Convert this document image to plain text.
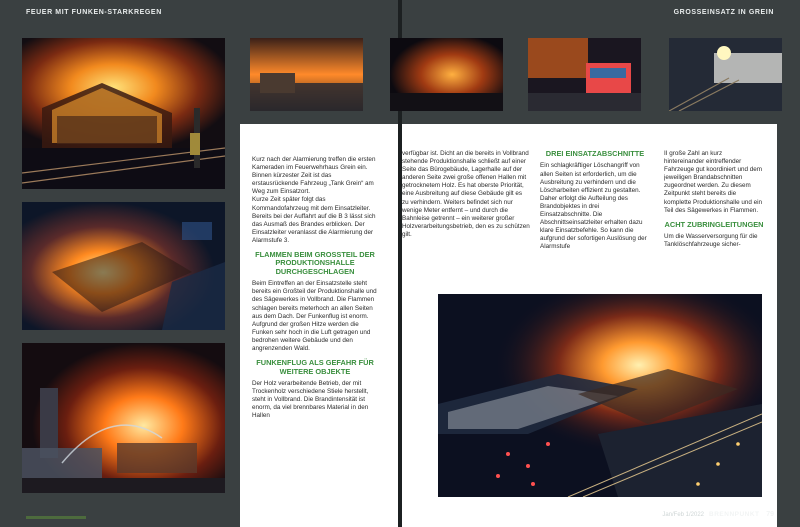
FEUER MIT FUNKEN-STARKREGEN

Kurz nach der Alarmierung treffen die ersten Kameraden im Feuerwehrhaus Grein ein. Binnen kürzester Zeit ist das erstausrückende Fahrzeug „Tank Grein“ am Weg zum Einsatzort.

Kurze Zeit später folgt das Kommandofahrzeug mit dem Einsatzleiter. Bereits bei der Auffahrt auf die B 3 lässt sich das Ausmaß des Brandes erblicken. Der Einsatzleiter veranlasst die Alarmierung der Alarmstufe 3.

FLAMMEN BEIM GROSSTEIL DER PRODUKTIONSHALLE DURCHGESCHLAGEN

Beim Eintreffen an der Einsatzstelle steht bereits ein Großteil der Produktionshalle und des Sägewerkes in Vollbrand. Die Flammen schlagen bereits meterhoch an allen Seiten aus dem Dach. Der Funkenflug ist enorm. Aufgrund der großen Hitze werden die Funken sehr hoch in die Luft getragen und bedrohen weitere Gebäude und den angrenzenden Wald.

FUNKENFLUG ALS GEFAHR FÜR WEITERE OBJEKTE

Der Holz verarbeitende Betrieb, der mit Trockenholz verschiedene Stiele herstellt, steht in Vollbrand. Die Brandintensität ist enorm, da viel brennbares Material in den Hallen

GROSSEINSATZ IN GREIN

verfügbar ist. Dicht an die bereits in Vollbrand stehende Produktionshalle schließt auf einer Seite das Bürogebäude, Lagerhalle auf der anderen Seite zwei große offenen Hallen mit getrocknetem Holz. Es hat oberste Priorität, eine Ausbreitung auf diese Gebäude gilt es zu verhindern. Weiters befindet sich nur wenige Meter entfernt – und durch die Bahnleise getrennt – ein weiterer großer Holzverarbeitungsbetrieb, den es zu schützen gilt.

DREI EINSATZABSCHNITTE

Ein schlagkräftiger Löschangriff von allen Seiten ist erforderlich, um die Ausbreitung zu verhindern und die Löscharbeiten effizient zu gestalten. Daher erfolgt die Aufteilung des Brandobjektes in drei Einsatzabschnitte. Die Abschnittseinsatzleiter erhalten dazu klare Einsatzbefehle. So kann die aufgrund der sofortigen Auslösung der Alarmstufe

II große Zahl an kurz hintereinander eintreffender Fahrzeuge gut koordiniert und dem jeweiligen Brandabschnitten zugeordnet werden. Zu diesem Zeitpunkt steht bereits die komplette Produktionshalle und ein Teil des Sägewerkes in Flammen.

ACHT ZUBRINGLEITUNGEN

Um die Wasserversorgung für die Tanklöschfahrzeuge sicher-

Jan/Feb 1/2022 BRENNPUNKT 79
